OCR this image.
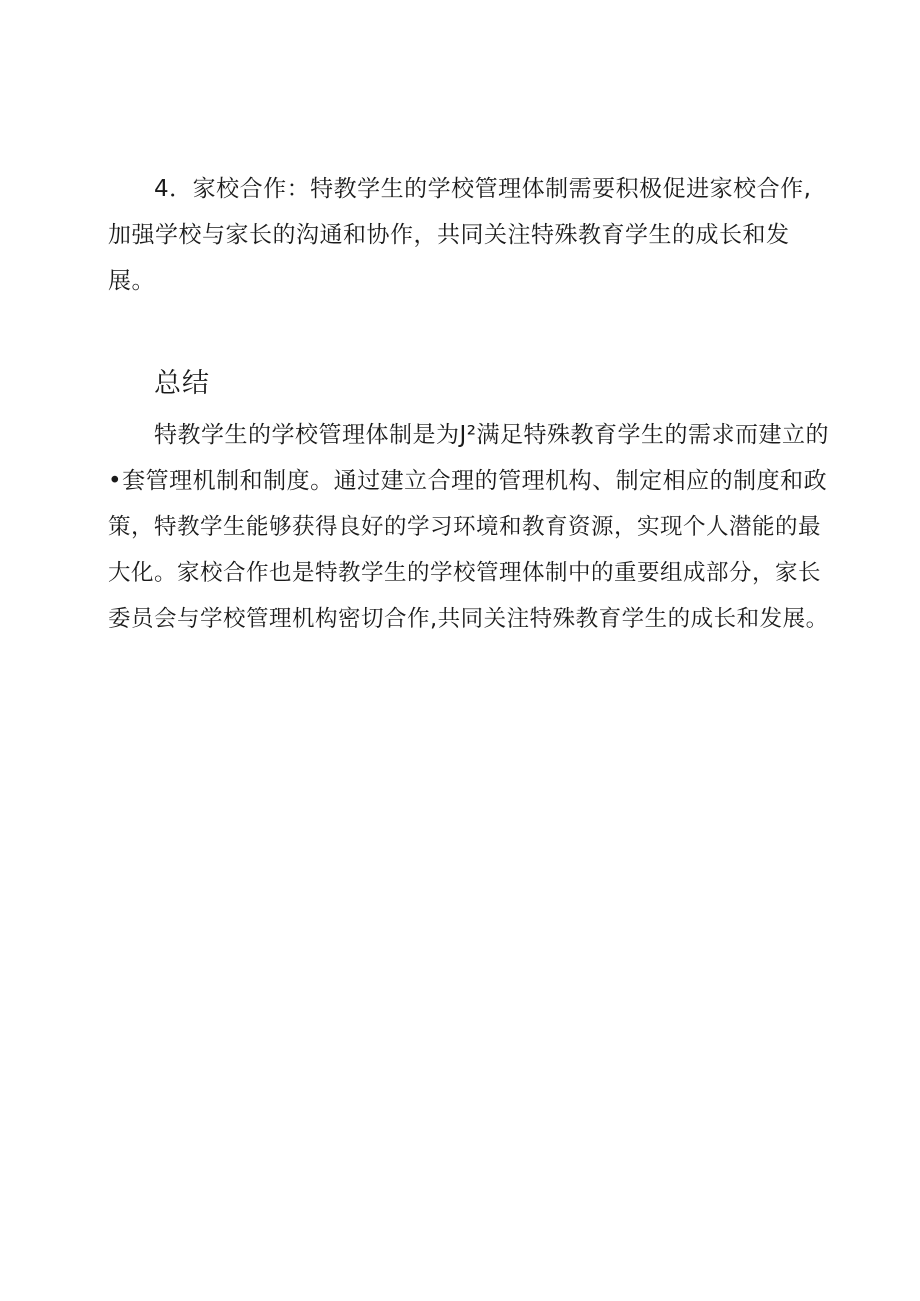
4．家校合作：特教学生的学校管理体制需要积极促进家校合作,
加强学校与家长的沟通和协作，共同关注特殊教育学生的成长和发
展。
总结
特教学生的学校管理体制是为J²满足特殊教育学生的需求而建立的
•套管理机制和制度。通过建立合理的管理机构、制定相应的制度和政
策，特教学生能够获得良好的学习环境和教育资源，实现个人潜能的最
大化。家校合作也是特教学生的学校管理体制中的重要组成部分，家长
委员会与学校管理机构密切合作,共同关注特殊教育学生的成长和发展。
